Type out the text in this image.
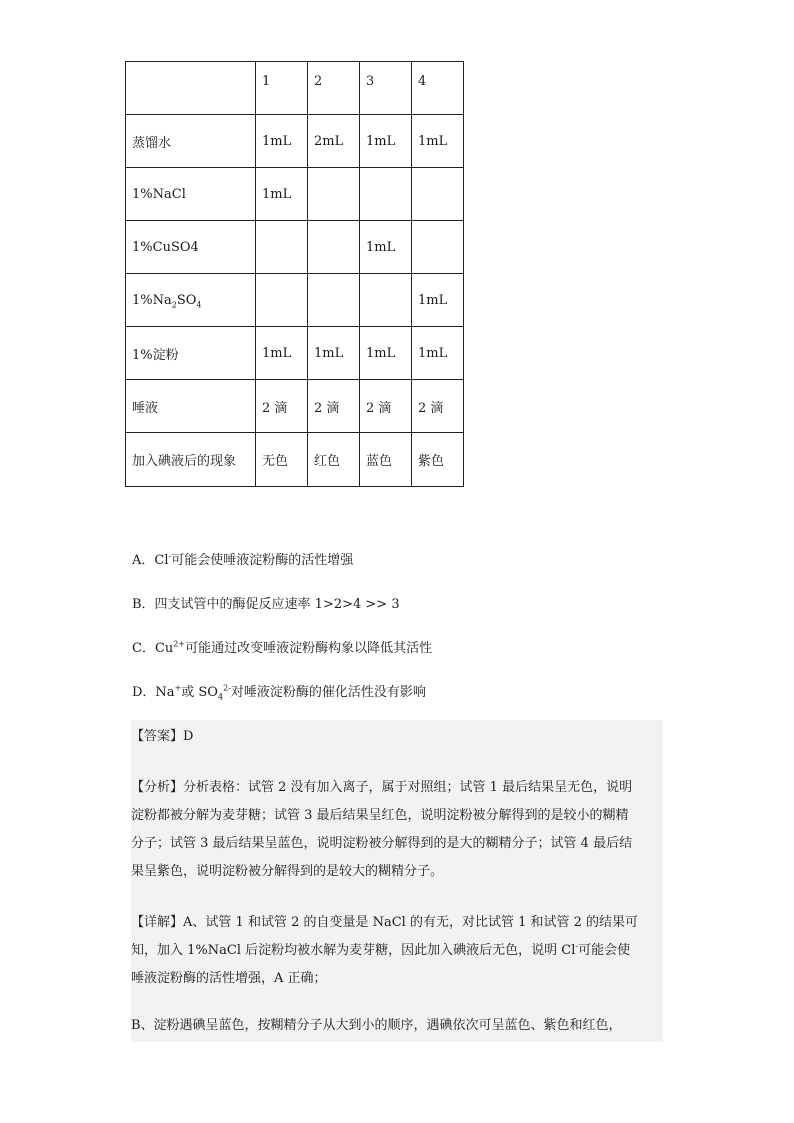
	1	2	3	4
蒸馏水	1mL	2mL	1mL	1mL
1%NaCl	1mL			
1%CuSO4			1mL	
$1\%Na_2SO_4$				1mL
1%淀粉	1mL	1mL	1mL	1mL
唾液	2 滴	2 滴	2 滴	2 滴
加入碘液后的现象	无色	红色	蓝色	紫色
A．Cl-可能会使唾液淀粉酶的活性增强
B．四支试管中的酶促反应速率 1>2>4 >> 3
C．$Cu^{2+}$可能通过改变唾液淀粉酶构象以降低其活性
D．Na+或 $SO_4^{2-}$对唾液淀粉酶的催化活性没有影响
【答案】D
【分析】分析表格：试管 2 没有加入离子，属于对照组；试管 1 最后结果呈无色，说明
淀粉都被分解为麦芽糖；试管 3 最后结果呈红色，说明淀粉被分解得到的是较小的糊精
分子；试管 3 最后结果呈蓝色，说明淀粉被分解得到的是大的糊精分子；试管 4 最后结
果呈紫色，说明淀粉被分解得到的是较大的糊精分子。
【详解】A、试管 1 和试管 2 的自变量是 NaCl 的有无，对比试管 1 和试管 2 的结果可
知，加入 1%NaCl 后淀粉均被水解为麦芽糖，因此加入碘液后无色，说明 Cl-可能会使
唾液淀粉酶的活性增强，A 正确；
B、淀粉遇碘呈蓝色，按糊精分子从大到小的顺序，遇碘依次可呈蓝色、紫色和红色，
